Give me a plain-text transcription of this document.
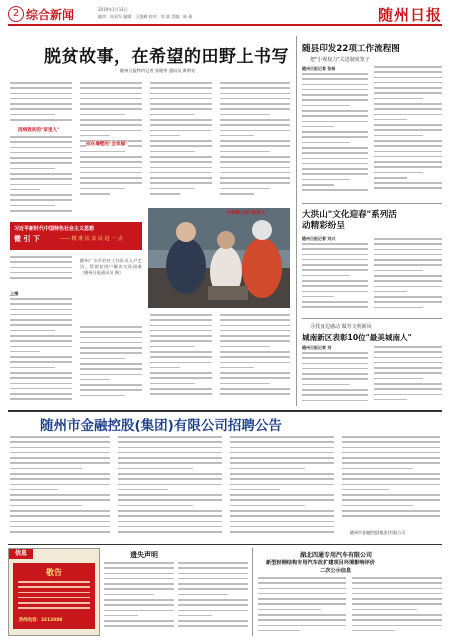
2 综合新闻	2019年1月11日
编审：周双军 编辑：王俊峰 校对：刘 斌 美编：陈 燕	随州日报
脱贫故事，在希望的田野上书写
随州日报特约记者 张晓华 通讯员 黄明亮
因病致贫的"家里人"
挂在墙壁的"全家福"
习近平新时代中国特色社会主义思想
微 引 下	—— 精 准 扶 贫 民 进 一 点
随州广水市驻村工作队员入户走访，帮助贫困户解决实际困难（随州日报通讯员 摄）
上图
小孝顺上的"国家人"
随县印发22项工作流程图
把"小规权力"关进制度笼子
随州日报记者 张杨
大洪山"文化迎春"系列活动精彩纷呈
随州日报记者 刘兴
寻找身边感动 做寿文明新风
城南新区表彰10位"最美城南人"
随州日报记者 刘
随州市金融控股(集团)有限公司招聘公告
随州市金融控股(集团)有限公司
信息
敬告
热线电话：3212088
遗失声明	湖北四通专用汽车有限公司
新型轻钢结构专用汽车改扩建项目环境影响评价
二次公示信息
